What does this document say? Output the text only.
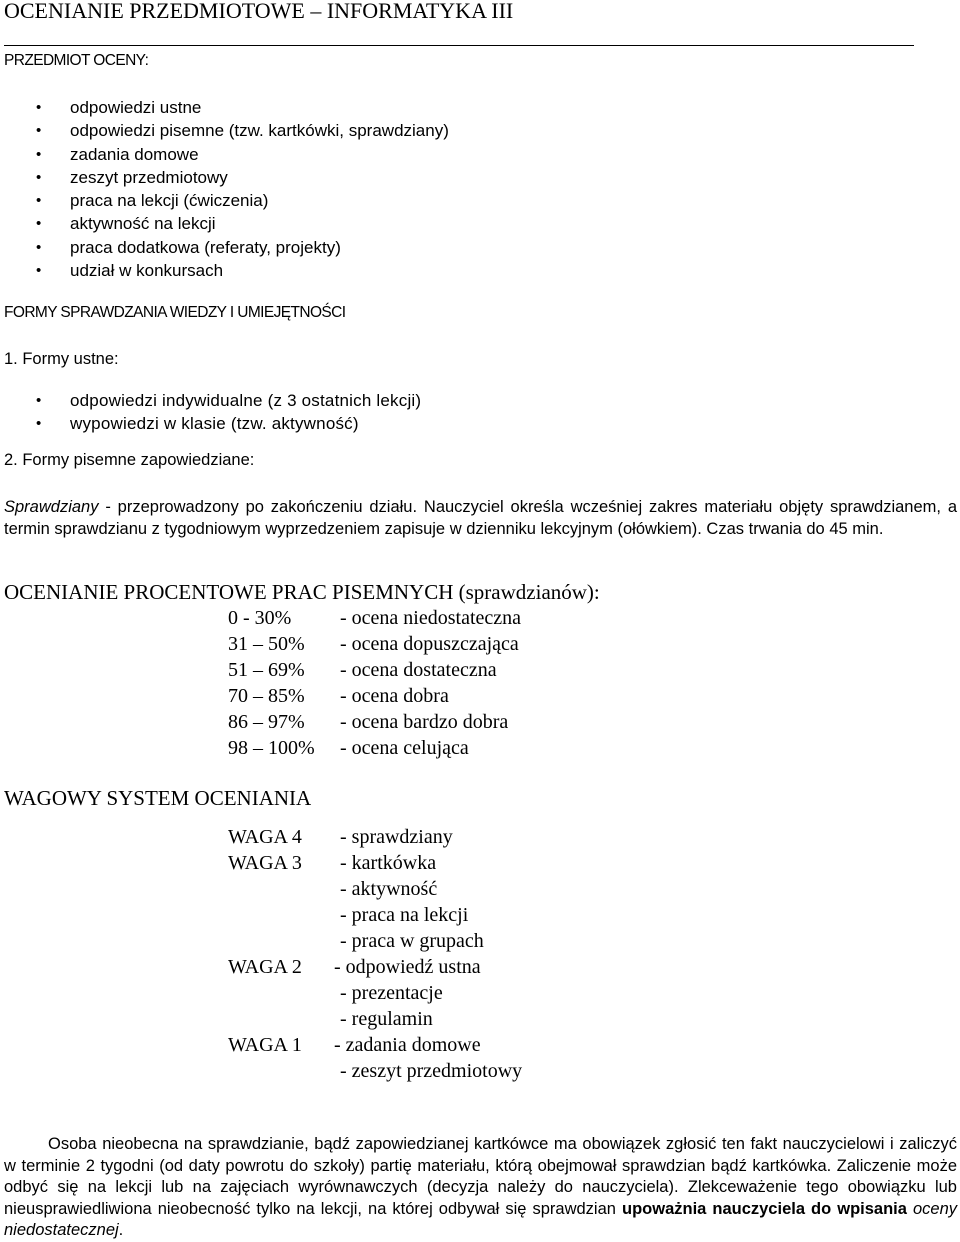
OCENIANIE PRZEDMIOTOWE – INFORMATYKA III
PRZEDMIOT OCENY:
• odpowiedzi ustne
• odpowiedzi pisemne (tzw. kartkówki, sprawdziany)
• zadania domowe
• zeszyt przedmiotowy
• praca na lekcji (ćwiczenia)
• aktywność na lekcji
• praca dodatkowa (referaty, projekty)
• udział w konkursach
FORMY SPRAWDZANIA WIEDZY I UMIEJĘTNOŚCI
1. Formy ustne:
• odpowiedzi indywidualne (z 3 ostatnich lekcji)
• wypowiedzi w klasie (tzw. aktywność)
2. Formy pisemne zapowiedziane:

Sprawdziany - przeprowadzony po zakończeniu działu. Nauczyciel określa wcześniej zakres materiału objęty sprawdzianem, a termin sprawdzianu z tygodniowym wyprzedzeniem zapisuje w dzienniku lekcyjnym (ołówkiem). Czas trwania do 45 min.

OCENIANIE PROCENTOWE PRAC PISEMNYCH (sprawdzianów):
0 - 30% - ocena niedostateczna
31 – 50% - ocena dopuszczająca
51 – 69% - ocena dostateczna
70 – 85% - ocena dobra
86 – 97% - ocena bardzo dobra
98 – 100% - ocena celująca
WAGOWY SYSTEM OCENIANIA
WAGA 4 - sprawdziany
WAGA 3 - kartkówka
- aktywność
- praca na lekcji
- praca w grupach
WAGA 2 - odpowiedź ustna
- prezentacje
- regulamin
WAGA 1 - zadania domowe
- zeszyt przedmiotowy

Osoba nieobecna na sprawdzianie, bądź zapowiedzianej kartkówce ma obowiązek zgłosić ten fakt nauczycielowi i zaliczyć w terminie 2 tygodni (od daty powrotu do szkoły) partię materiału, którą obejmował sprawdzian bądź kartkówka. Zaliczenie może odbyć się na lekcji lub na zajęciach wyrównawczych (decyzja należy do nauczyciela). Zlekceważenie tego obowiązku lub nieusprawiedliwiona nieobecność tylko na lekcji, na której odbywał się sprawdzian upoważnia nauczyciela do wpisania oceny niedostatecznej.
